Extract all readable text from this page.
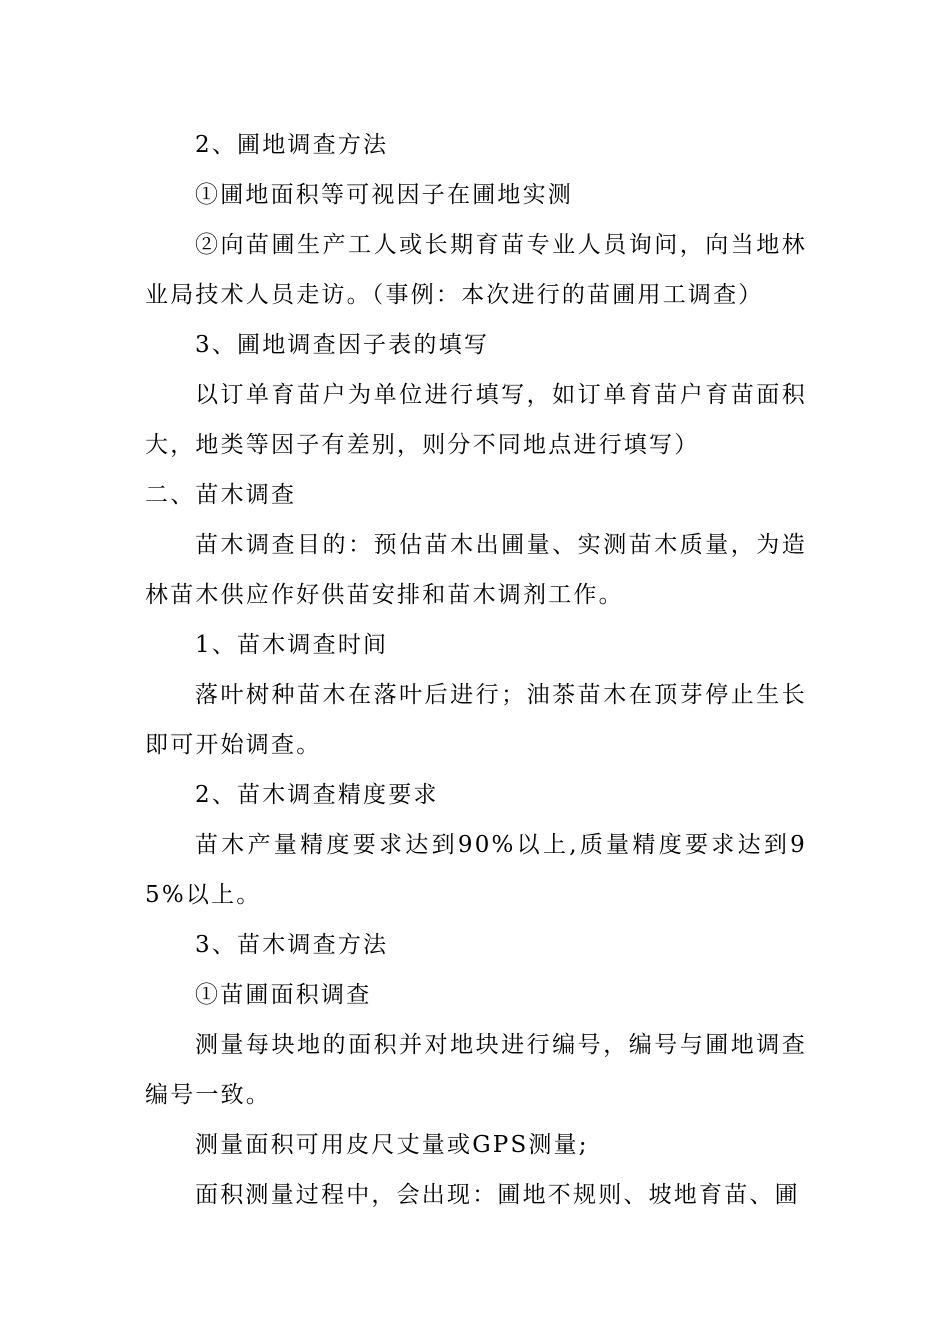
2、圃地调查方法

①圃地面积等可视因子在圃地实测

②向苗圃生产工人或长期育苗专业人员询问，向当地林业局技术人员走访。（事例：本次进行的苗圃用工调查）

3、圃地调查因子表的填写

以订单育苗户为单位进行填写，如订单育苗户育苗面积大，地类等因子有差别，则分不同地点进行填写）

二、苗木调查

苗木调查目的：预估苗木出圃量、实测苗木质量，为造林苗木供应作好供苗安排和苗木调剂工作。

1、苗木调查时间

落叶树种苗木在落叶后进行；油茶苗木在顶芽停止生长即可开始调查。

2、苗木调查精度要求

苗木产量精度要求达到90%以上,质量精度要求达到95%以上。

3、苗木调查方法

①苗圃面积调查

测量每块地的面积并对地块进行编号，编号与圃地调查编号一致。

测量面积可用皮尺丈量或GPS测量;

面积测量过程中，会出现：圃地不规则、坡地育苗、圃
